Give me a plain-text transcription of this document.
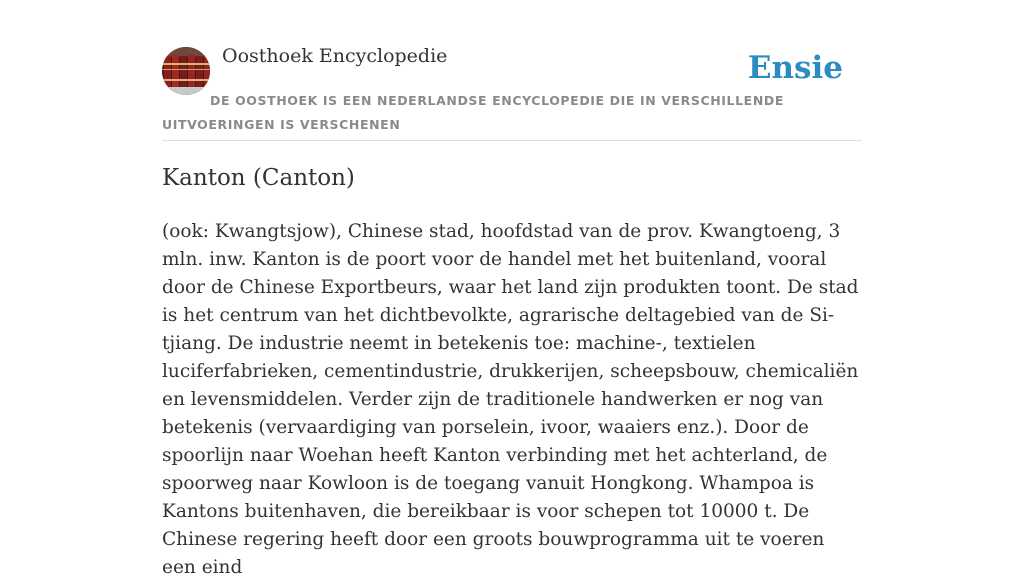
Oosthoek Encyclopedie	Ensie
DE OOSTHOEK IS EEN NEDERLANDSE ENCYCLOPEDIE DIE IN VERSCHILLENDE UITVOERINGEN IS VERSCHENEN
Kanton (Canton)

(ook: Kwangtsjow), Chinese stad, hoofdstad van de prov. Kwangtoeng, 3 mln. inw. Kanton is de poort voor de handel met het buitenland, vooral door de Chinese Exportbeurs, waar het land zijn produkten toont. De stad is het centrum van het dichtbevolkte, agrarische deltagebied van de Si-tjiang. De industrie neemt in betekenis toe: machine-, textielen luciferfabrieken, cementindustrie, drukkerijen, scheepsbouw, chemicaliën en levensmiddelen. Verder zijn de traditionele handwerken er nog van betekenis (vervaardiging van porselein, ivoor, waaiers enz.). Door de spoorlijn naar Woehan heeft Kanton verbinding met het achterland, de spoorweg naar Kowloon is de toegang vanuit Hongkong. Whampoa is Kantons buitenhaven, die bereikbaar is voor schepen tot 10000 t. De Chinese regering heeft door een groots bouwprogramma uit te voeren een eind
